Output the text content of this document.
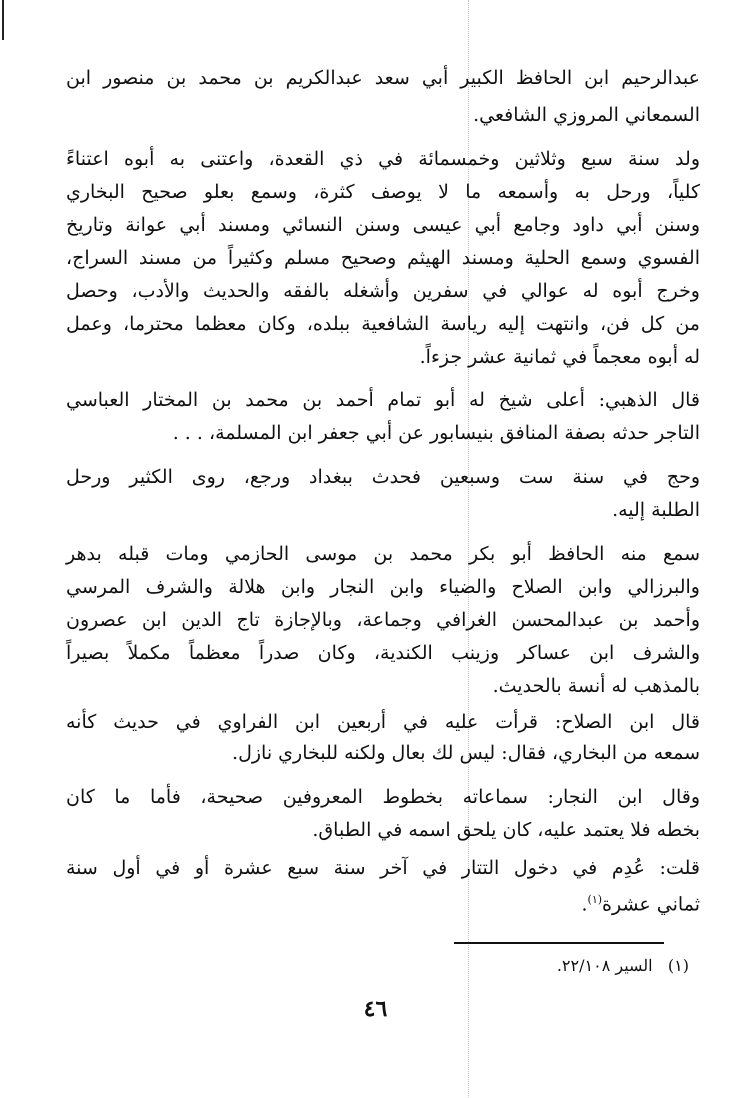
عبدالرحيم ابن الحافظ الكبير أبي سعد عبدالكريم بن محمد بن منصور ابن
السمعاني المروزي الشافعي.
ولد سنة سبع وثلاثين وخمسمائة في ذي القعدة، واعتنى به أبوه اعتناءً
كلياً، ورحل به وأسمعه ما لا يوصف كثرة، وسمع بعلو صحيح البخاري
وسنن أبي داود وجامع أبي عيسى وسنن النسائي ومسند أبي عوانة وتاريخ
الفسوي وسمع الحلية ومسند الهيثم وصحيح مسلم وكثيراً من مسند السراج،
وخرج أبوه له عوالي في سفرين وأشغله بالفقه والحديث والأدب، وحصل
من كل فن، وانتهت إليه رياسة الشافعية ببلده، وكان معظما محترما، وعمل
له أبوه معجماً في ثمانية عشر جزءاً.
قال الذهبي: أعلى شيخ له أبو تمام أحمد بن محمد بن المختار العباسي
التاجر حدثه بصفة المنافق بنيسابور عن أبي جعفر ابن المسلمة، . . .
وحج في سنة ست وسبعين فحدث ببغداد ورجع، روى الكثير ورحل
الطلبة إليه.
سمع منه الحافظ أبو بكر محمد بن موسى الحازمي ومات قبله بدهر
والبرزالي وابن الصلاح والضياء وابن النجار وابن هلالة والشرف المرسي
وأحمد بن عبدالمحسن الغرافي وجماعة، وبالإجازة تاج الدين ابن عصرون
والشرف ابن عساكر وزينب الكندية، وكان صدراً معظماً مكملاً بصيراً
بالمذهب له أنسة بالحديث.
قال ابن الصلاح: قرأت عليه في أربعين ابن الفراوي في حديث كأنه
سمعه من البخاري، فقال: ليس لك بعال ولكنه للبخاري نازل.
وقال ابن النجار: سماعاته بخطوط المعروفين صحيحة، فأما ما كان
بخطه فلا يعتمد عليه، كان يلحق اسمه في الطباق.
قلت: عُدِم في دخول التتار في آخر سنة سبع عشرة أو في أول سنة
ثماني عشرة$^{(١)}$.
(١)   السير ٢٢/١٠٨.
٤٦
